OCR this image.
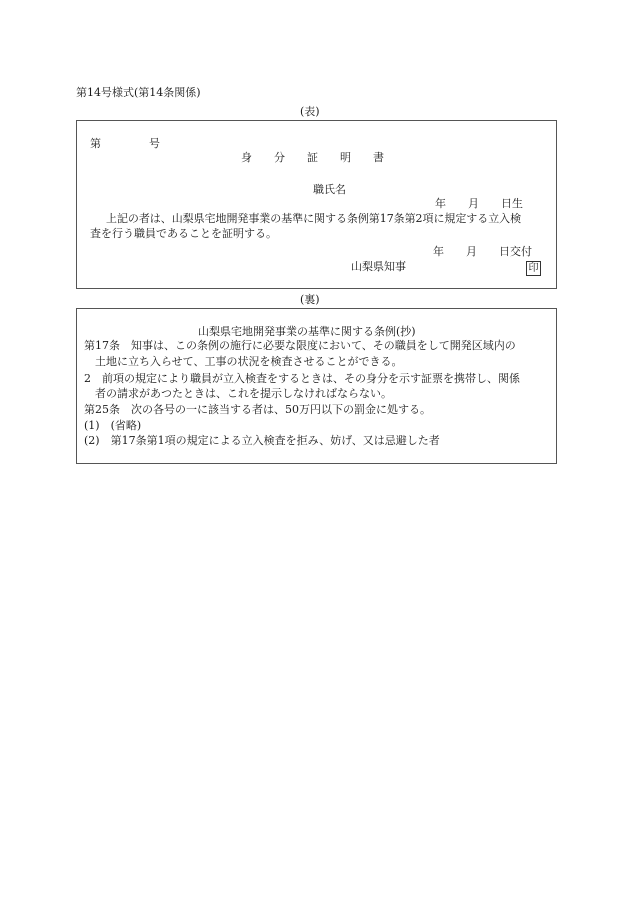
第14号様式(第14条関係)
(表)
第	号
身　　分　　証　　明　　書
職氏名
年　　月　　日生
上記の者は、山梨県宅地開発事業の基準に関する条例第17条第2項に規定する立入検
査を行う職員であることを証明する。
年　　月　　日交付
山梨県知事	印
(裏)
山梨県宅地開発事業の基準に関する条例(抄)
第17条　知事は、この条例の施行に必要な限度において、その職員をして開発区域内の
土地に立ち入らせて、工事の状況を検査させることができる。
2　前項の規定により職員が立入検査をするときは、その身分を示す証票を携帯し、関係
者の請求があつたときは、これを提示しなければならない。
第25条　次の各号の一に該当する者は、50万円以下の罰金に処する。
(1)　(省略)
(2)　第17条第1項の規定による立入検査を拒み、妨げ、又は忌避した者
